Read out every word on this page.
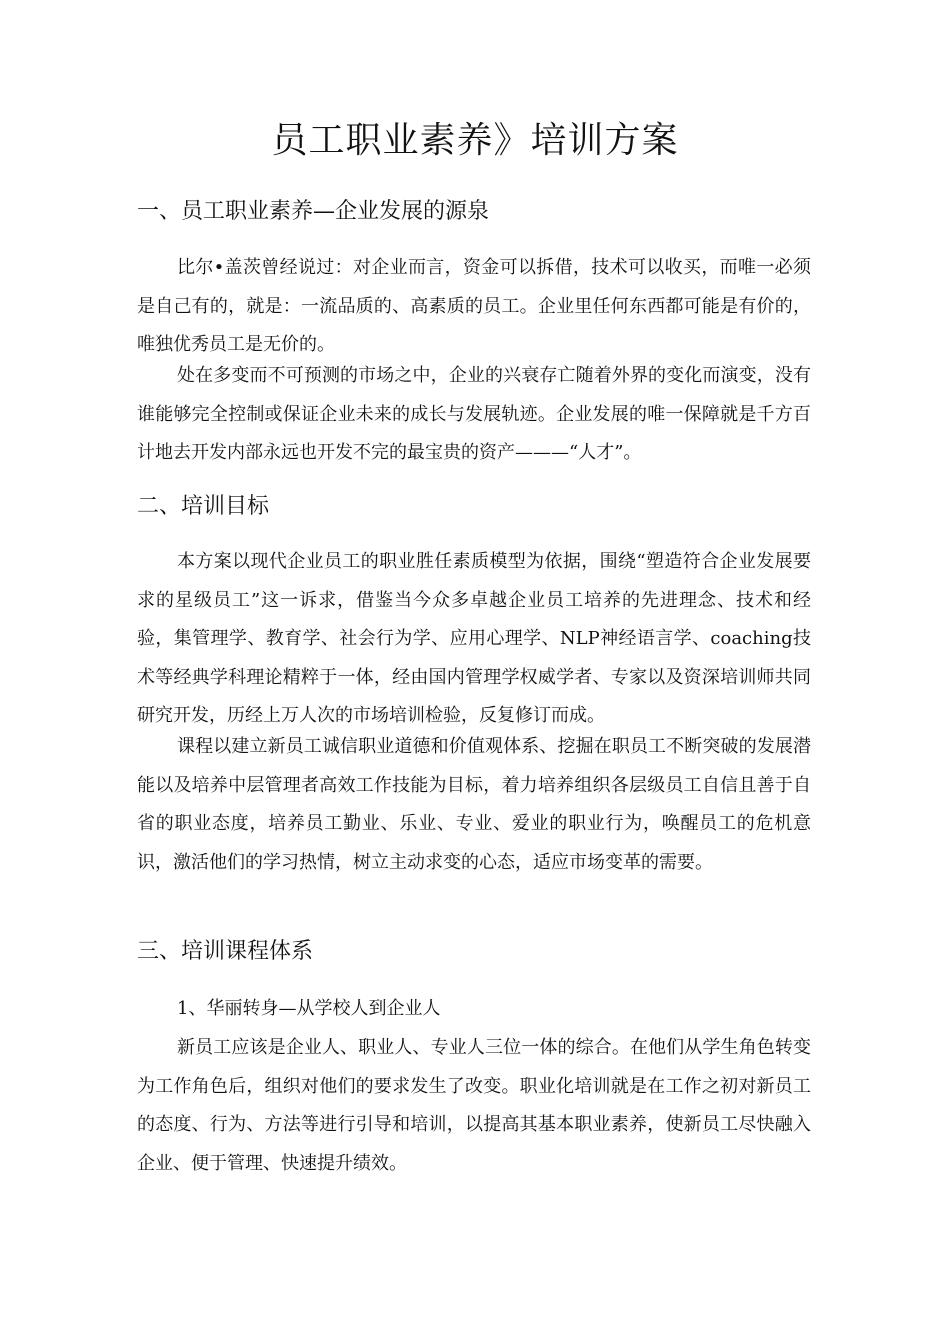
员工职业素养》培训方案
一、员工职业素养—企业发展的源泉

比尔•盖茨曾经说过：对企业而言，资金可以拆借，技术可以收买，而唯一必须是自己有的，就是：一流品质的、高素质的员工。企业里任何东西都可能是有价的，唯独优秀员工是无价的。

处在多变而不可预测的市场之中，企业的兴衰存亡随着外界的变化而演变，没有谁能够完全控制或保证企业未来的成长与发展轨迹。企业发展的唯一保障就是千方百计地去开发内部永远也开发不完的最宝贵的资产———“人才”。

二、培训目标

本方案以现代企业员工的职业胜任素质模型为依据，围绕“塑造符合企业发展要求的星级员工”这一诉求，借鉴当今众多卓越企业员工培养的先进理念、技术和经验，集管理学、教育学、社会行为学、应用心理学、NLP神经语言学、coaching技术等经典学科理论精粹于一体，经由国内管理学权威学者、专家以及资深培训师共同研究开发，历经上万人次的市场培训检验，反复修订而成。

课程以建立新员工诚信职业道德和价值观体系、挖掘在职员工不断突破的发展潜能以及培养中层管理者高效工作技能为目标，着力培养组织各层级员工自信且善于自省的职业态度，培养员工勤业、乐业、专业、爱业的职业行为，唤醒员工的危机意识，激活他们的学习热情，树立主动求变的心态，适应市场变革的需要。

三、培训课程体系
1、华丽转身—从学校人到企业人

新员工应该是企业人、职业人、专业人三位一体的综合。在他们从学生角色转变为工作角色后，组织对他们的要求发生了改变。职业化培训就是在工作之初对新员工的态度、行为、方法等进行引导和培训，以提高其基本职业素养，使新员工尽快融入企业、便于管理、快速提升绩效。
